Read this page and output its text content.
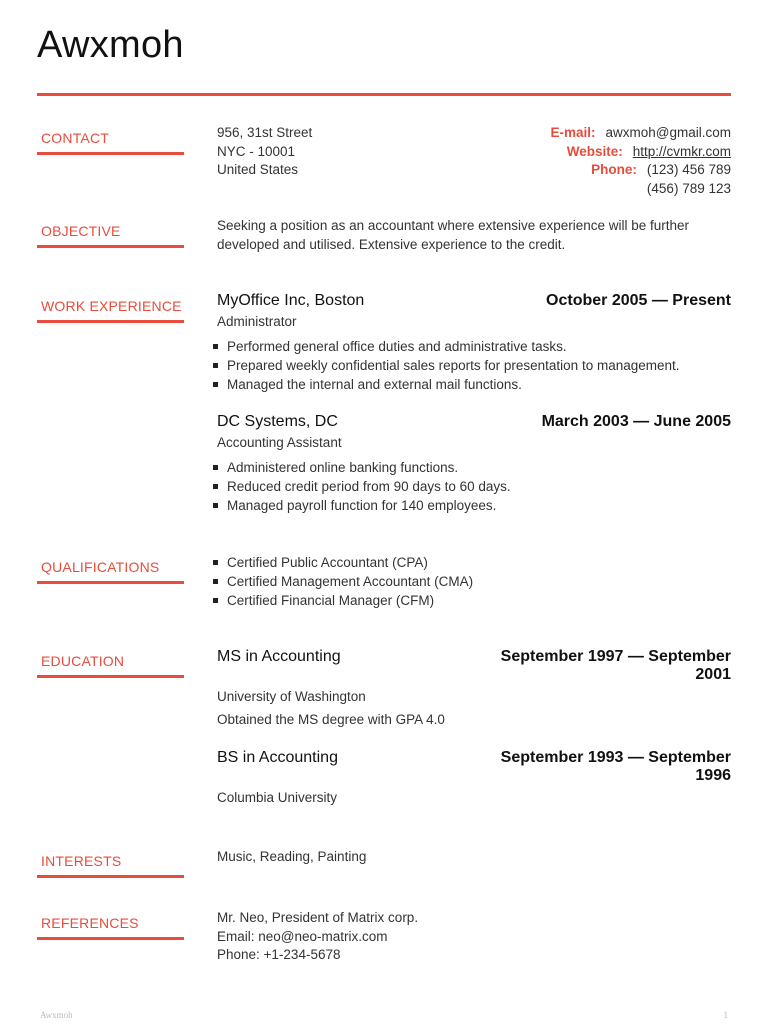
Awxmoh
CONTACT	956, 31st Street
NYC - 10001
United States
E-mail: awxmoh@gmail.com
Website: http://cvmkr.com
Phone: (123) 456 789
(456) 789 123
OBJECTIVE	Seeking a position as an accountant where extensive experience will be further
developed and utilised. Extensive experience to the credit.
WORK EXPERIENCE MyOffice Inc, Boston	October 2005 — Present
Administrator
Performed general office duties and administrative tasks.
Prepared weekly confidential sales reports for presentation to management.
Managed the internal and external mail functions.
DC Systems, DC	March 2003 — June 2005
Accounting Assistant
Administered online banking functions.
Reduced credit period from 90 days to 60 days.
Managed payroll function for 140 employees.
QUALIFICATIONS	Certified Public Accountant (CPA)
Certified Management Accountant (CMA)
Certified Financial Manager (CFM)
EDUCATION	MS in Accounting	September 1997 — September
2001
University of Washington
Obtained the MS degree with GPA 4.0
BS in Accounting	September 1993 — September
1996
Columbia University
INTERESTS	Music, Reading, Painting
REFERENCES	Mr. Neo, President of Matrix corp.
Email: neo@neo-matrix.com
Phone: +1-234-5678
Awxmoh	1
